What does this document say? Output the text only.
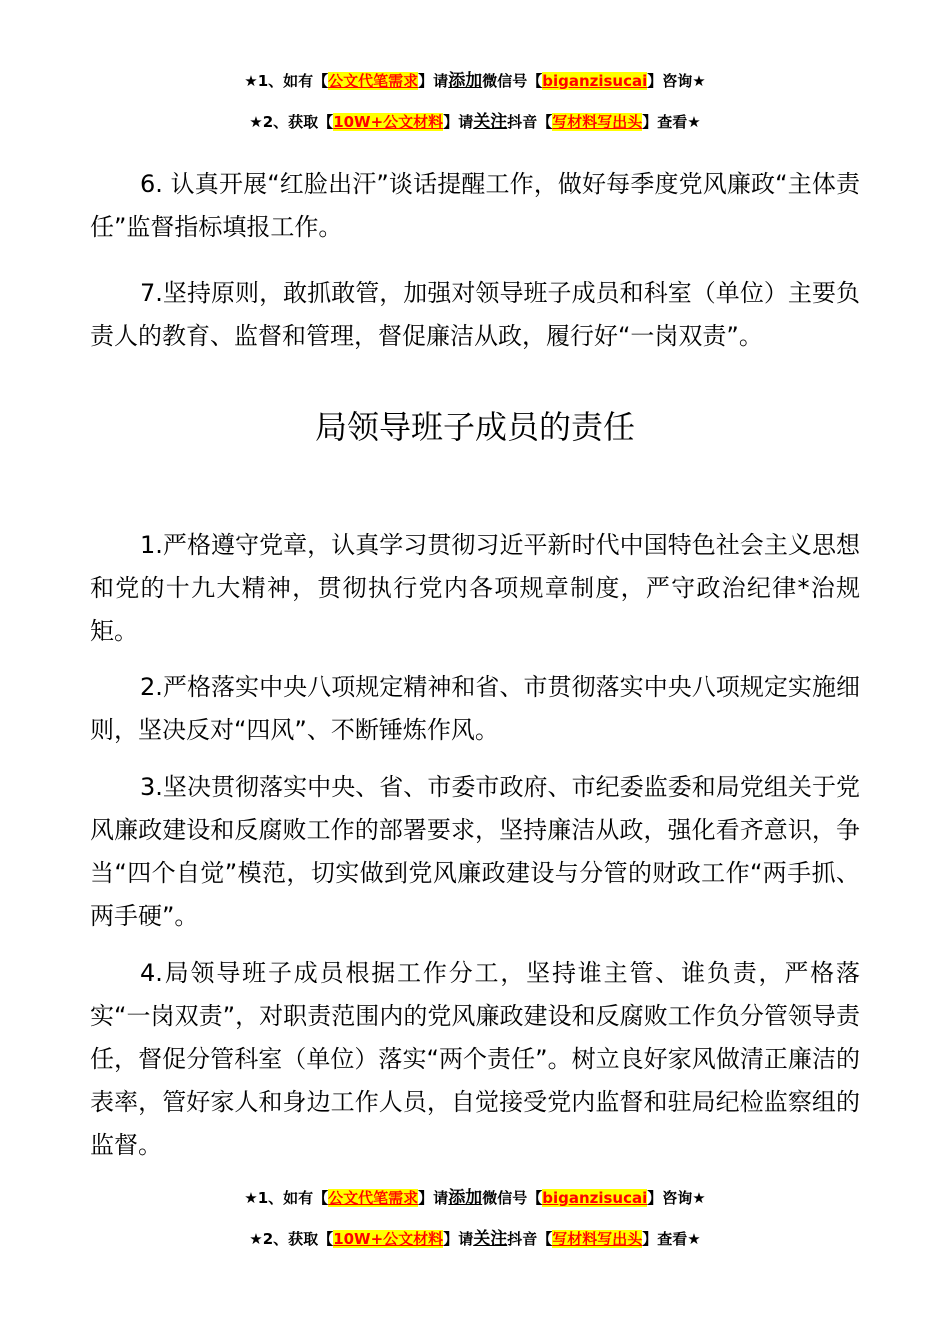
★1、如有【公文代笔需求】请添加微信号【biganzisucai】咨询★
★2、获取【10W+公文材料】请关注抖音【写材料写出头】查看★

6. 认真开展“红脸出汗”谈话提醒工作，做好每季度党风廉政“主体责任”监督指标填报工作。

7.坚持原则，敢抓敢管，加强对领导班子成员和科室（单位）主要负责人的教育、监督和管理，督促廉洁从政，履行好“一岗双责”。

局领导班子成员的责任

1.严格遵守党章，认真学习贯彻习近平新时代中国特色社会主义思想和党的十九大精神，贯彻执行党内各项规章制度，严守政治纪律*治规矩。

2.严格落实中央八项规定精神和省、市贯彻落实中央八项规定实施细则，坚决反对“四风”、不断锤炼作风。

3.坚决贯彻落实中央、省、市委市政府、市纪委监委和局党组关于党风廉政建设和反腐败工作的部署要求，坚持廉洁从政，强化看齐意识，争当“四个自觉”模范，切实做到党风廉政建设与分管的财政工作“两手抓、两手硬”。

4.局领导班子成员根据工作分工，坚持谁主管、谁负责，严格落实“一岗双责”，对职责范围内的党风廉政建设和反腐败工作负分管领导责任，督促分管科室（单位）落实“两个责任”。树立良好家风做清正廉洁的表率，管好家人和身边工作人员，自觉接受党内监督和驻局纪检监察组的监督。

★1、如有【公文代笔需求】请添加微信号【biganzisucai】咨询★
★2、获取【10W+公文材料】请关注抖音【写材料写出头】查看★
